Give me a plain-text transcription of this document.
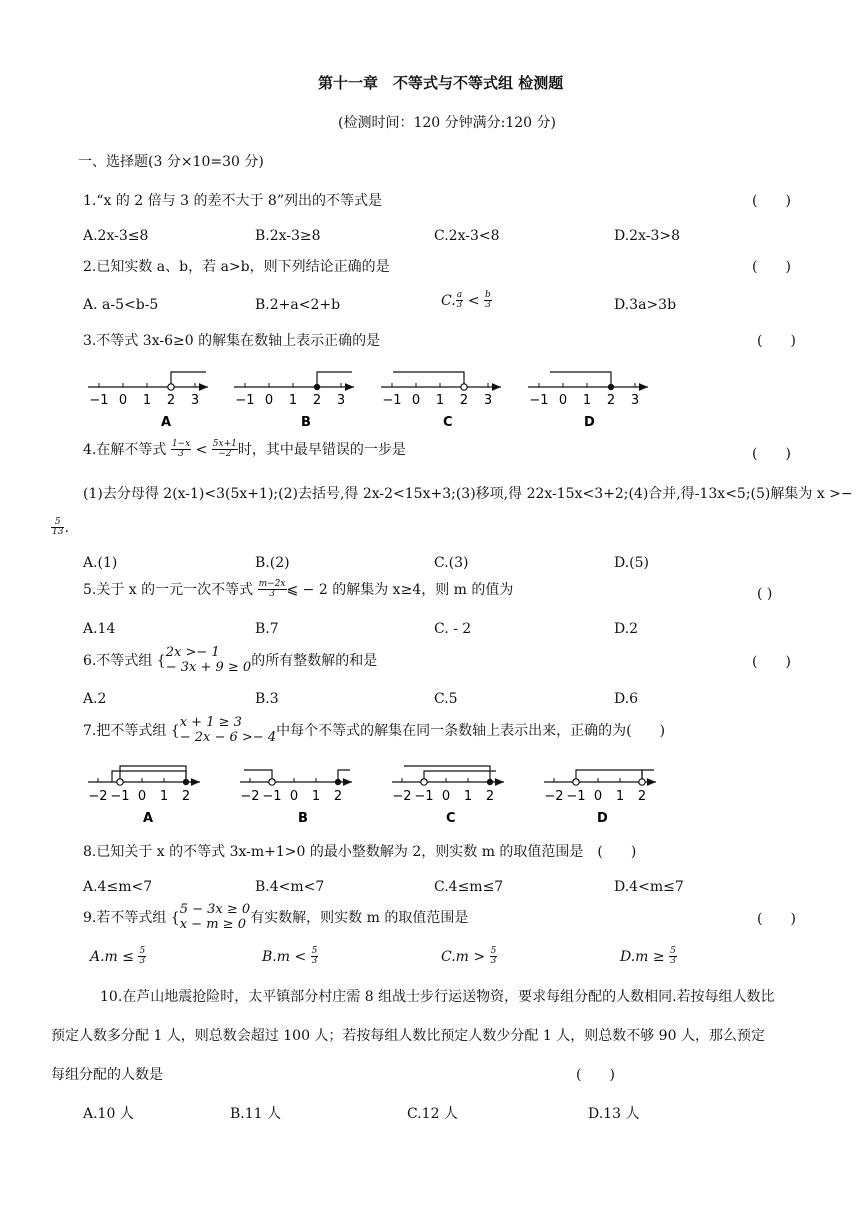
第十一章　不等式与不等式组 检测题
(检测时间：120 分钟满分:120 分)
一、选择题(3 分×10=30 分)
1.“x 的 2 倍与 3 的差不大于 8”列出的不等式是	(　　)
A.2x-3≤8	B.2x-3≥8	C.2x-3<8	D.2x-3>8
2.已知实数 a、b，若 a>b，则下列结论正确的是	(　　)
A. a-5<b-5	B.2+a<2+b	C. $\frac{a}{3} < \frac{b}{3}$	D.3a>3b
3.不等式 3x-6≥0 的解集在数轴上表示正确的是	(　　)
−1 0 1 2 3
A
−1 0 1 2 3
B
−1 0 1 2 3
C
−1 0 1 2 3
D
4.在解不等式 $\frac{1-x}{3} < \frac{5x+1}{-2}$ 时，其中最早错误的一步是	(　　)
(1)去分母得 2(x-1)<3(5x+1);(2)去括号,得 2x-2<15x+3;(3)移项,得 22x-15x<3+2;(4)合并,得-13x<5;(5)解集为 x >−
$\frac{5}{13}$ .
A.(1)	B.(2)	C.(3)	D.(5)
5.关于 x 的一元一次不等式 $\frac{m-2x}{3}$ ⩽ − 2 的解集为 x≥4，则 m 的值为	( )
A.14	B.7	C. - 2	D.2
6.不等式组 {
2x >− 1
− 3x + 9 ≥ 0 的所有整数解的和是	(　　)
A.2	B.3	C.5	D.6
7.把不等式组 {
x + 1 ≥ 3
− 2x − 6 >− 4 中每个不等式的解集在同一条数轴上表示出来，正确的为(　　)
−2 −1 0 1 2
A
−2 −1 0 1 2
B
−2 −1 0 1 2
C
−2 −1 0 1 2
D
8.已知关于 x 的不等式 3x-m+1>0 的最小整数解为 2，则实数 m 的取值范围是　(　　)
A.4≤m<7	B.4<m<7	C.4≤m≤7	D.4<m≤7
9.若不等式组 {
5 − 3x ≥ 0
x − m ≥ 0 有实数解，则实数 m 的取值范围是	(　　)
$A.m \le \frac{5}{3}$	$B.m < \frac{5}{3}$	$C.m > \frac{5}{3}$	$D.m \ge \frac{5}{3}$
10.在芦山地震抢险时，太平镇部分村庄需 8 组战士步行运送物资，要求每组分配的人数相同.若按每组人数比
预定人数多分配 1 人，则总数会超过 100 人；若按每组人数比预定人数少分配 1 人，则总数不够 90 人，那么预定
每组分配的人数是	(　　)
A.10 人	B.11 人	C.12 人	D.13 人
